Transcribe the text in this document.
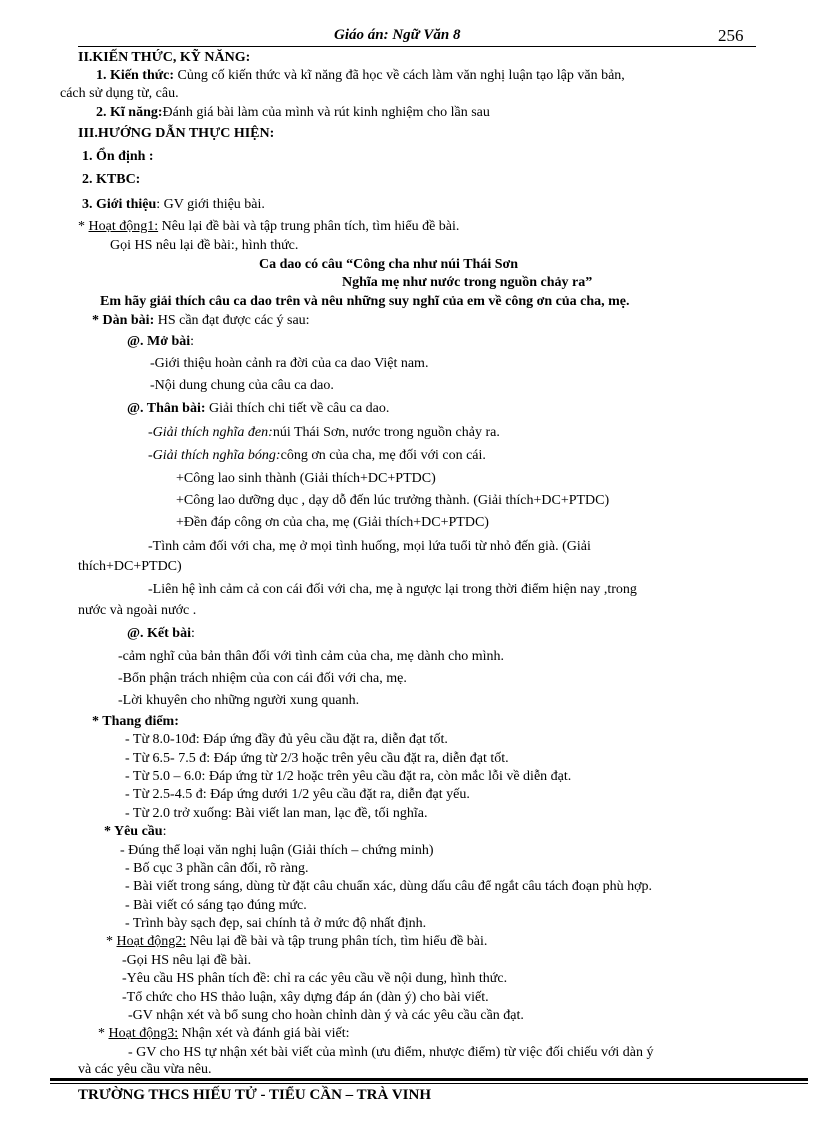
Giáo án: Ngữ Văn 8	256
II.KIẾN THỨC, KỸ NĂNG:
1. Kiến thức: Củng cố kiến thức và kĩ năng đã học về cách làm văn nghị luận tạo lập văn bản,
cách sử dụng từ, câu.
2. Kĩ năng:Đánh giá bài làm của mình và rút kinh nghiệm cho lần sau
III.HƯỚNG DẪN THỰC HIỆN:
1. Ổn định :
2. KTBC:
3. Giới thiệu: GV giới thiệu bài.
* Hoạt động1: Nêu lại đề bài và tập trung phân tích, tìm hiểu đề bài.
Gọi HS nêu lại đề bài:, hình thức.
Ca dao có câu “Công cha như núi Thái Sơn
Nghĩa mẹ như nước trong nguồn chảy ra”
Em hãy giải thích câu ca dao trên và nêu những suy nghĩ của em về công ơn của cha, mẹ.
* Dàn bài: HS cần đạt được các ý sau:
@. Mở bài:
-Giới thiệu hoàn cảnh ra đời của ca dao Việt nam.
-Nội dung chung của câu ca dao.
@. Thân bài: Giải thích chi tiết về câu ca dao.
-Giải thích nghĩa đen:núi Thái Sơn, nước trong nguồn chảy ra.
-Giải thích nghĩa bóng:công ơn của cha, mẹ đối với con cái.
+Công lao sinh thành (Giải thích+DC+PTDC)
+Công lao dưỡng dục , dạy dỗ đến lúc trưởng thành. (Giải thích+DC+PTDC)
+Đền đáp công ơn của cha, mẹ (Giải thích+DC+PTDC)
-Tình cảm đối với cha, mẹ ở mọi tình huống, mọi lứa tuổi từ nhỏ đến già. (Giải
thích+DC+PTDC)
-Liên hệ ình cảm cả con cái đối với cha, mẹ à ngược lại trong thời điểm hiện nay ,trong
nước và ngoài nước .
@. Kết bài:
-cảm nghĩ của bản thân đối với tình cảm của cha, mẹ dành cho mình.
-Bổn phận trách nhiệm của con cái đối với cha, mẹ.
-Lời khuyên cho những người xung quanh.
* Thang điểm:
- Từ 8.0-10đ: Đáp ứng đầy đủ yêu cầu đặt ra, diễn đạt tốt.
- Từ 6.5- 7.5 đ: Đáp ứng từ 2/3 hoặc trên yêu cầu đặt ra, diễn đạt tốt.
- Từ 5.0 – 6.0: Đáp ứng từ 1/2 hoặc trên yêu cầu đặt ra, còn mắc lỗi về diễn đạt.
- Từ 2.5-4.5 đ: Đáp ứng dưới 1/2 yêu cầu đặt ra, diễn đạt yếu.
- Từ 2.0 trở xuống: Bài viết lan man, lạc đề, tối nghĩa.
* Yêu cầu:
- Đúng thể loại văn nghị luận (Giải thích – chứng minh)
- Bố cục 3 phần cân đối, rõ ràng.
- Bài viết trong sáng, dùng từ đặt câu chuẩn xác, dùng dấu câu để ngắt câu tách đoạn phù hợp.
- Bài viết có sáng tạo đúng mức.
- Trình bày sạch đẹp, sai chính tả ở mức độ nhất định.
* Hoạt động2: Nêu lại đề bài và tập trung phân tích, tìm hiểu đề bài.
-Gọi HS nêu lại đề bài.
-Yêu cầu HS phân tích đề: chỉ ra các yêu cầu về nội dung, hình thức.
-Tổ chức cho HS thảo luận, xây dựng đáp án (dàn ý) cho bài viết.
-GV nhận xét và bổ sung cho hoàn chỉnh dàn ý và các yêu cầu cần đạt.
* Hoạt động3: Nhận xét và đánh giá bài viết:
- GV cho HS tự nhận xét bài viết của mình (ưu điểm, nhược điểm) từ việc đối chiếu với dàn ý
và các yêu cầu vừa nêu.
TRƯỜNG THCS HIẾU TỬ - TIỂU CẦN – TRÀ VINH
